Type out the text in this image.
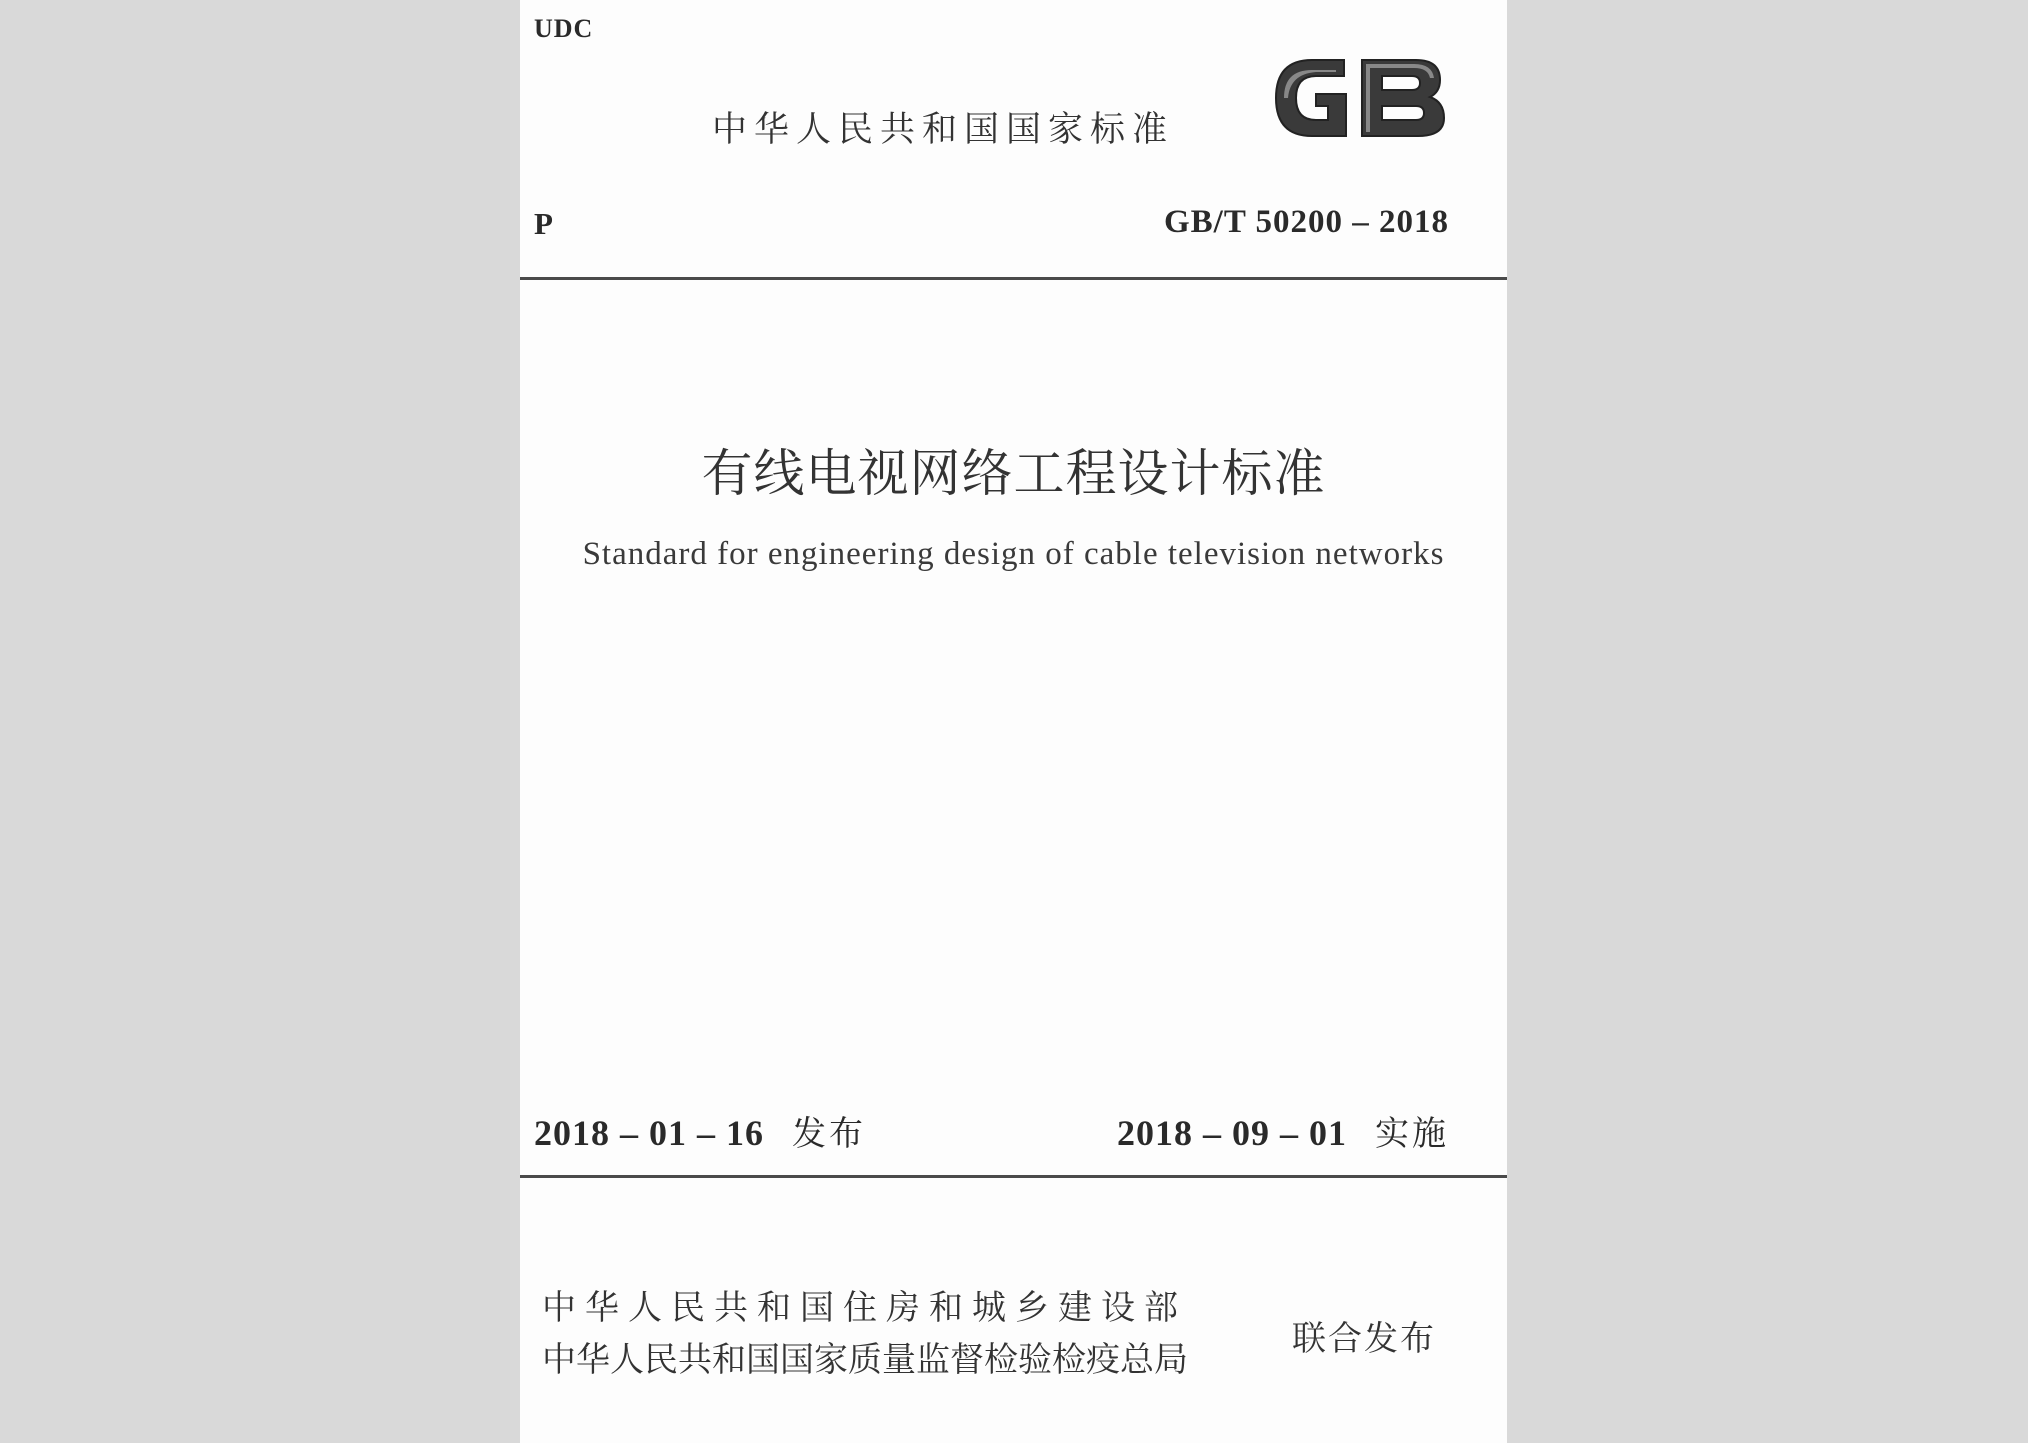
UDC
中华人民共和国国家标准
P	GB/T 50200 – 2018
有线电视网络工程设计标准
Standard for engineering design of cable television networks
2018 – 01 – 16 发布	2018 – 09 – 01 实施
中华人民共和国住房和城乡建设部
中华人民共和国国家质量监督检验检疫总局
联合发布
